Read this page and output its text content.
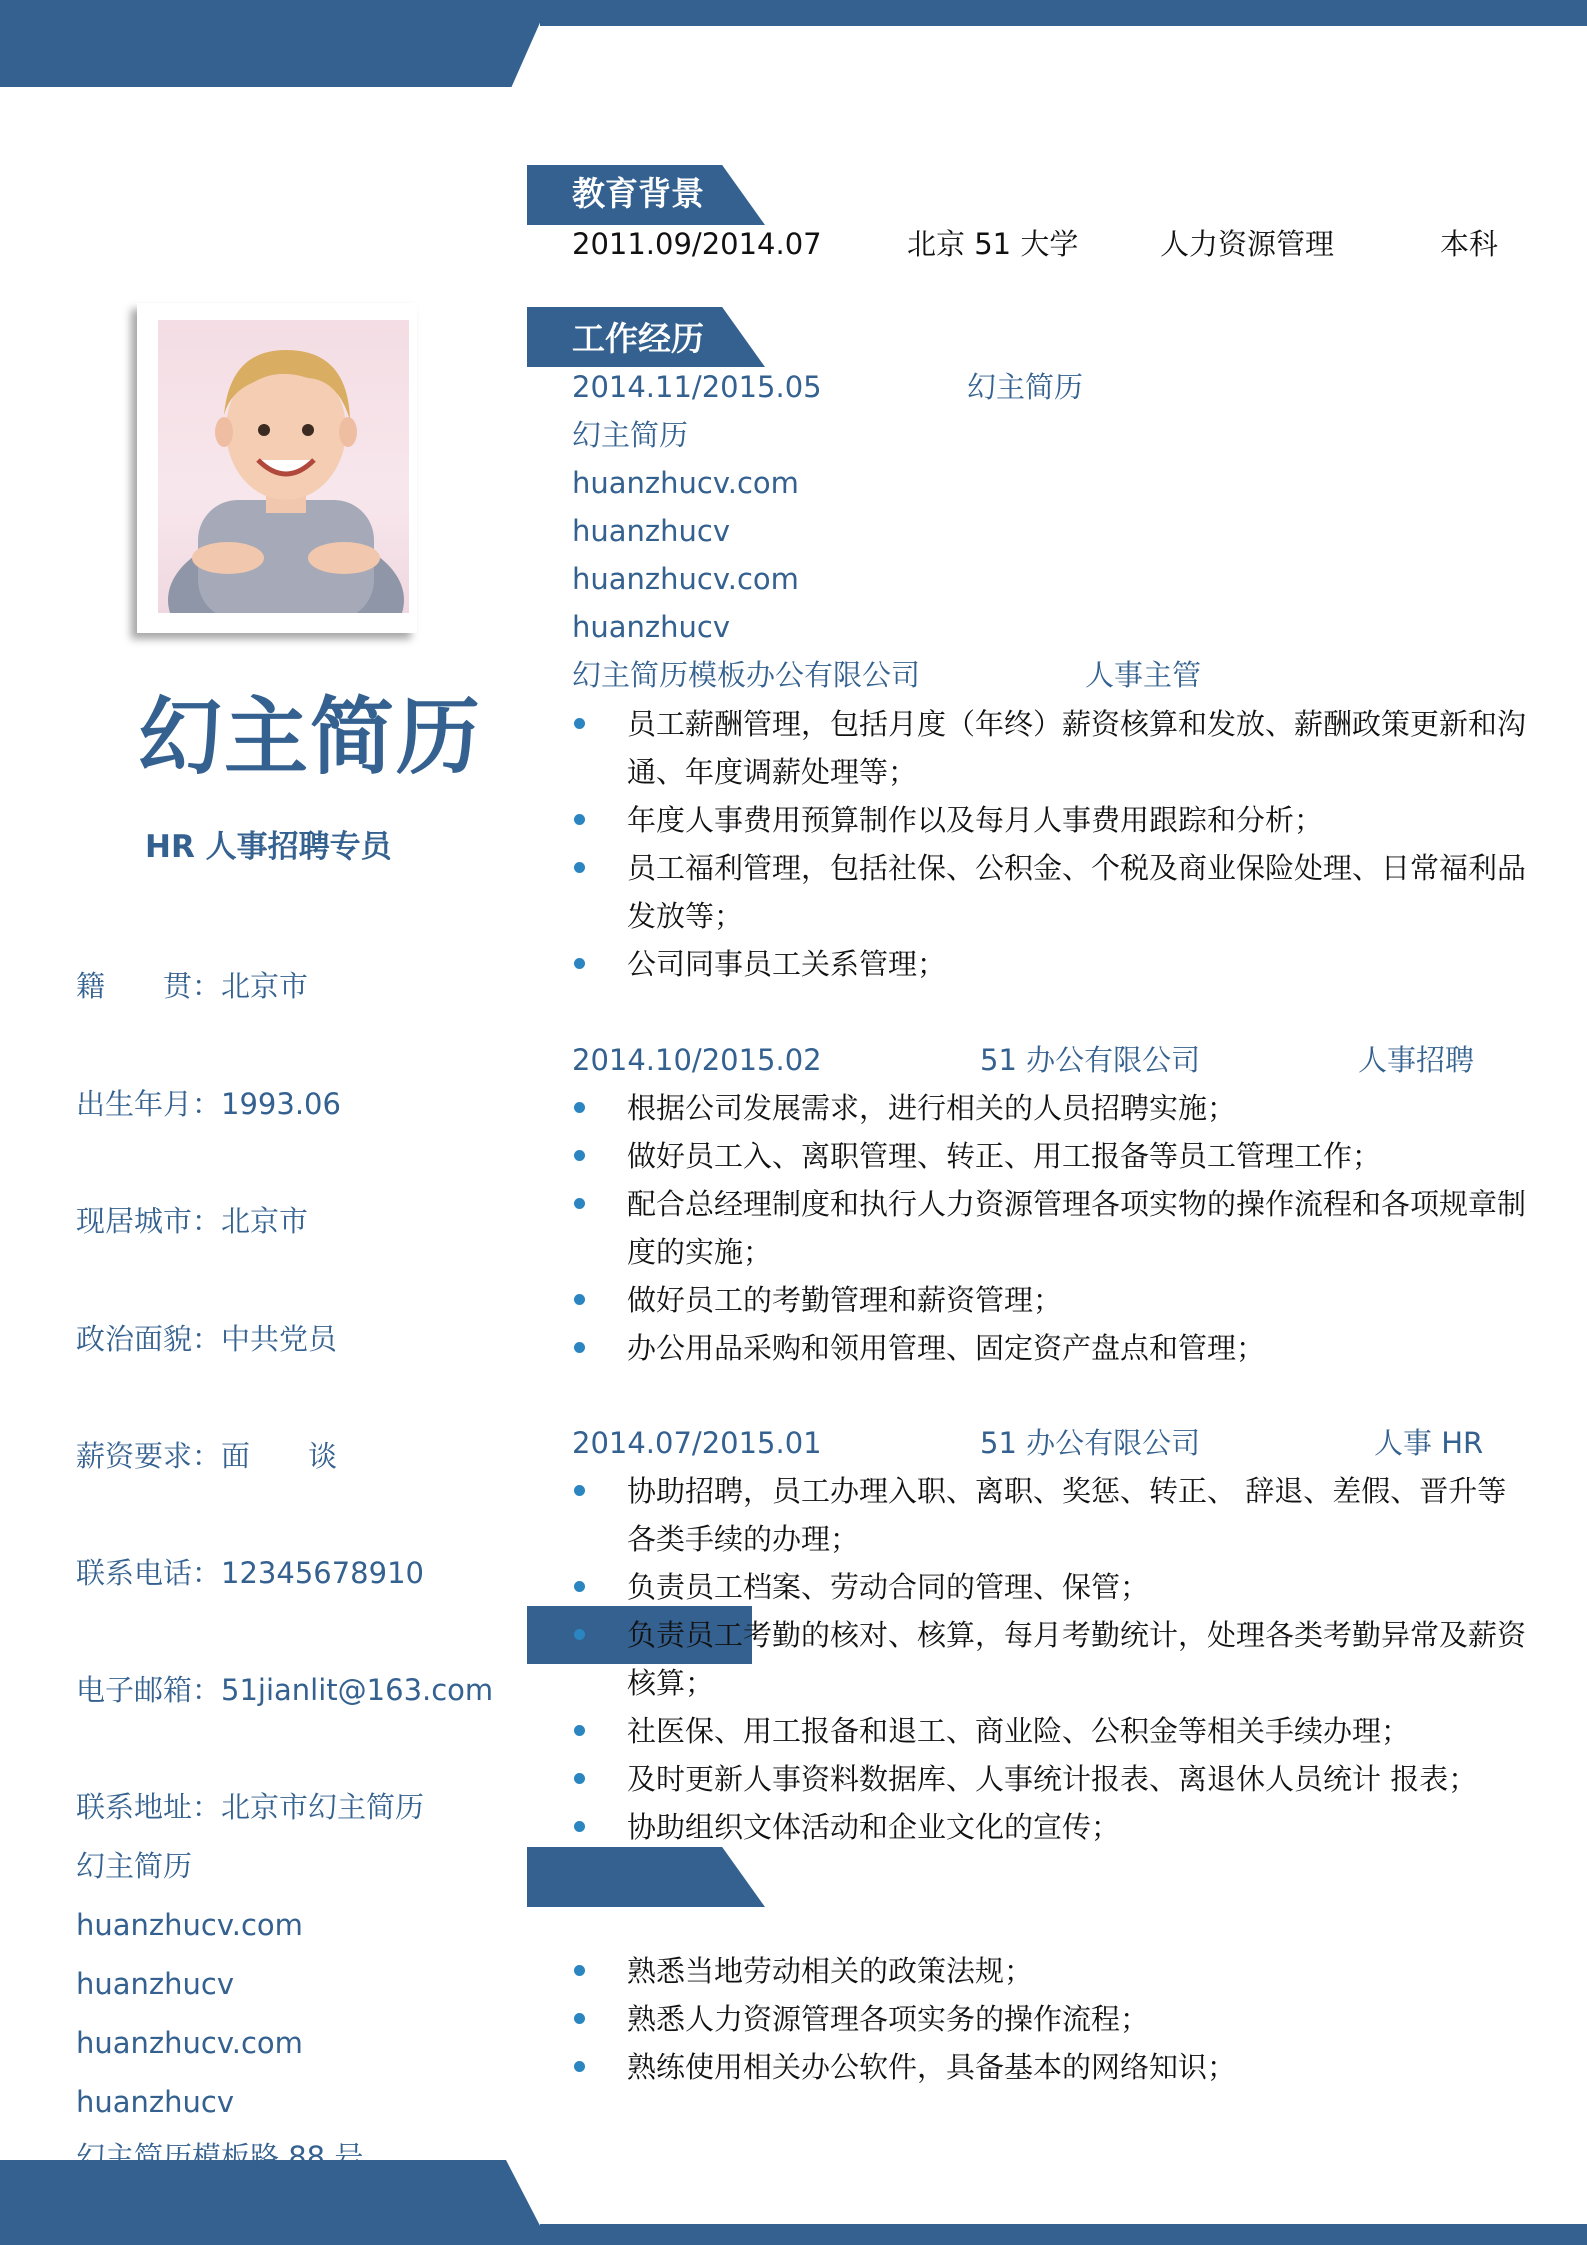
幻主简历
HR 人事招聘专员
籍　　贯：北京市
出生年月：1993.06
现居城市：北京市
政治面貌：中共党员
薪资要求：面　　谈
联系电话：12345678910
电子邮箱：51jianlit@163.com
联系地址：北京市幻主简历
幻主简历
huanzhucv.com
huanzhucv
huanzhucv.com
huanzhucv
幻主简历模板路 88 号
教育背景
2011.09/2014.07	北京 51 大学	人力资源管理	本科
工作经历
2014.11/2015.05	幻主简历
幻主简历
huanzhucv.com
huanzhucv
huanzhucv.com
huanzhucv
幻主简历模板办公有限公司	人事主管
员工薪酬管理，包括月度（年终）薪资核算和发放、薪酬政策更新和沟通、年度调薪处理等；
年度人事费用预算制作以及每月人事费用跟踪和分析；
员工福利管理，包括社保、公积金、个税及商业保险处理、日常福利品发放等；
公司同事员工关系管理；
2014.10/2015.02	51 办公有限公司	人事招聘
根据公司发展需求，进行相关的人员招聘实施；
做好员工入、离职管理、转正、用工报备等员工管理工作；
配合总经理制度和执行人力资源管理各项实物的操作流程和各项规章制度的实施；
做好员工的考勤管理和薪资管理；
办公用品采购和领用管理、固定资产盘点和管理；
2014.07/2015.01	51 办公有限公司	人事 HR
协助招聘，员工办理入职、离职、奖惩、转正、 辞退、差假、晋升等各类手续的办理；
负责员工档案、劳动合同的管理、保管；
负责员工考勤的核对、核算，每月考勤统计，处理各类考勤异常及薪资核算；
社医保、用工报备和退工、商业险、公积金等相关手续办理；
及时更新人事资料数据库、人事统计报表、离退休人员统计 报表；
协助组织文体活动和企业文化的宣传；
熟悉当地劳动相关的政策法规；
熟悉人力资源管理各项实务的操作流程；
熟练使用相关办公软件，具备基本的网络知识；
